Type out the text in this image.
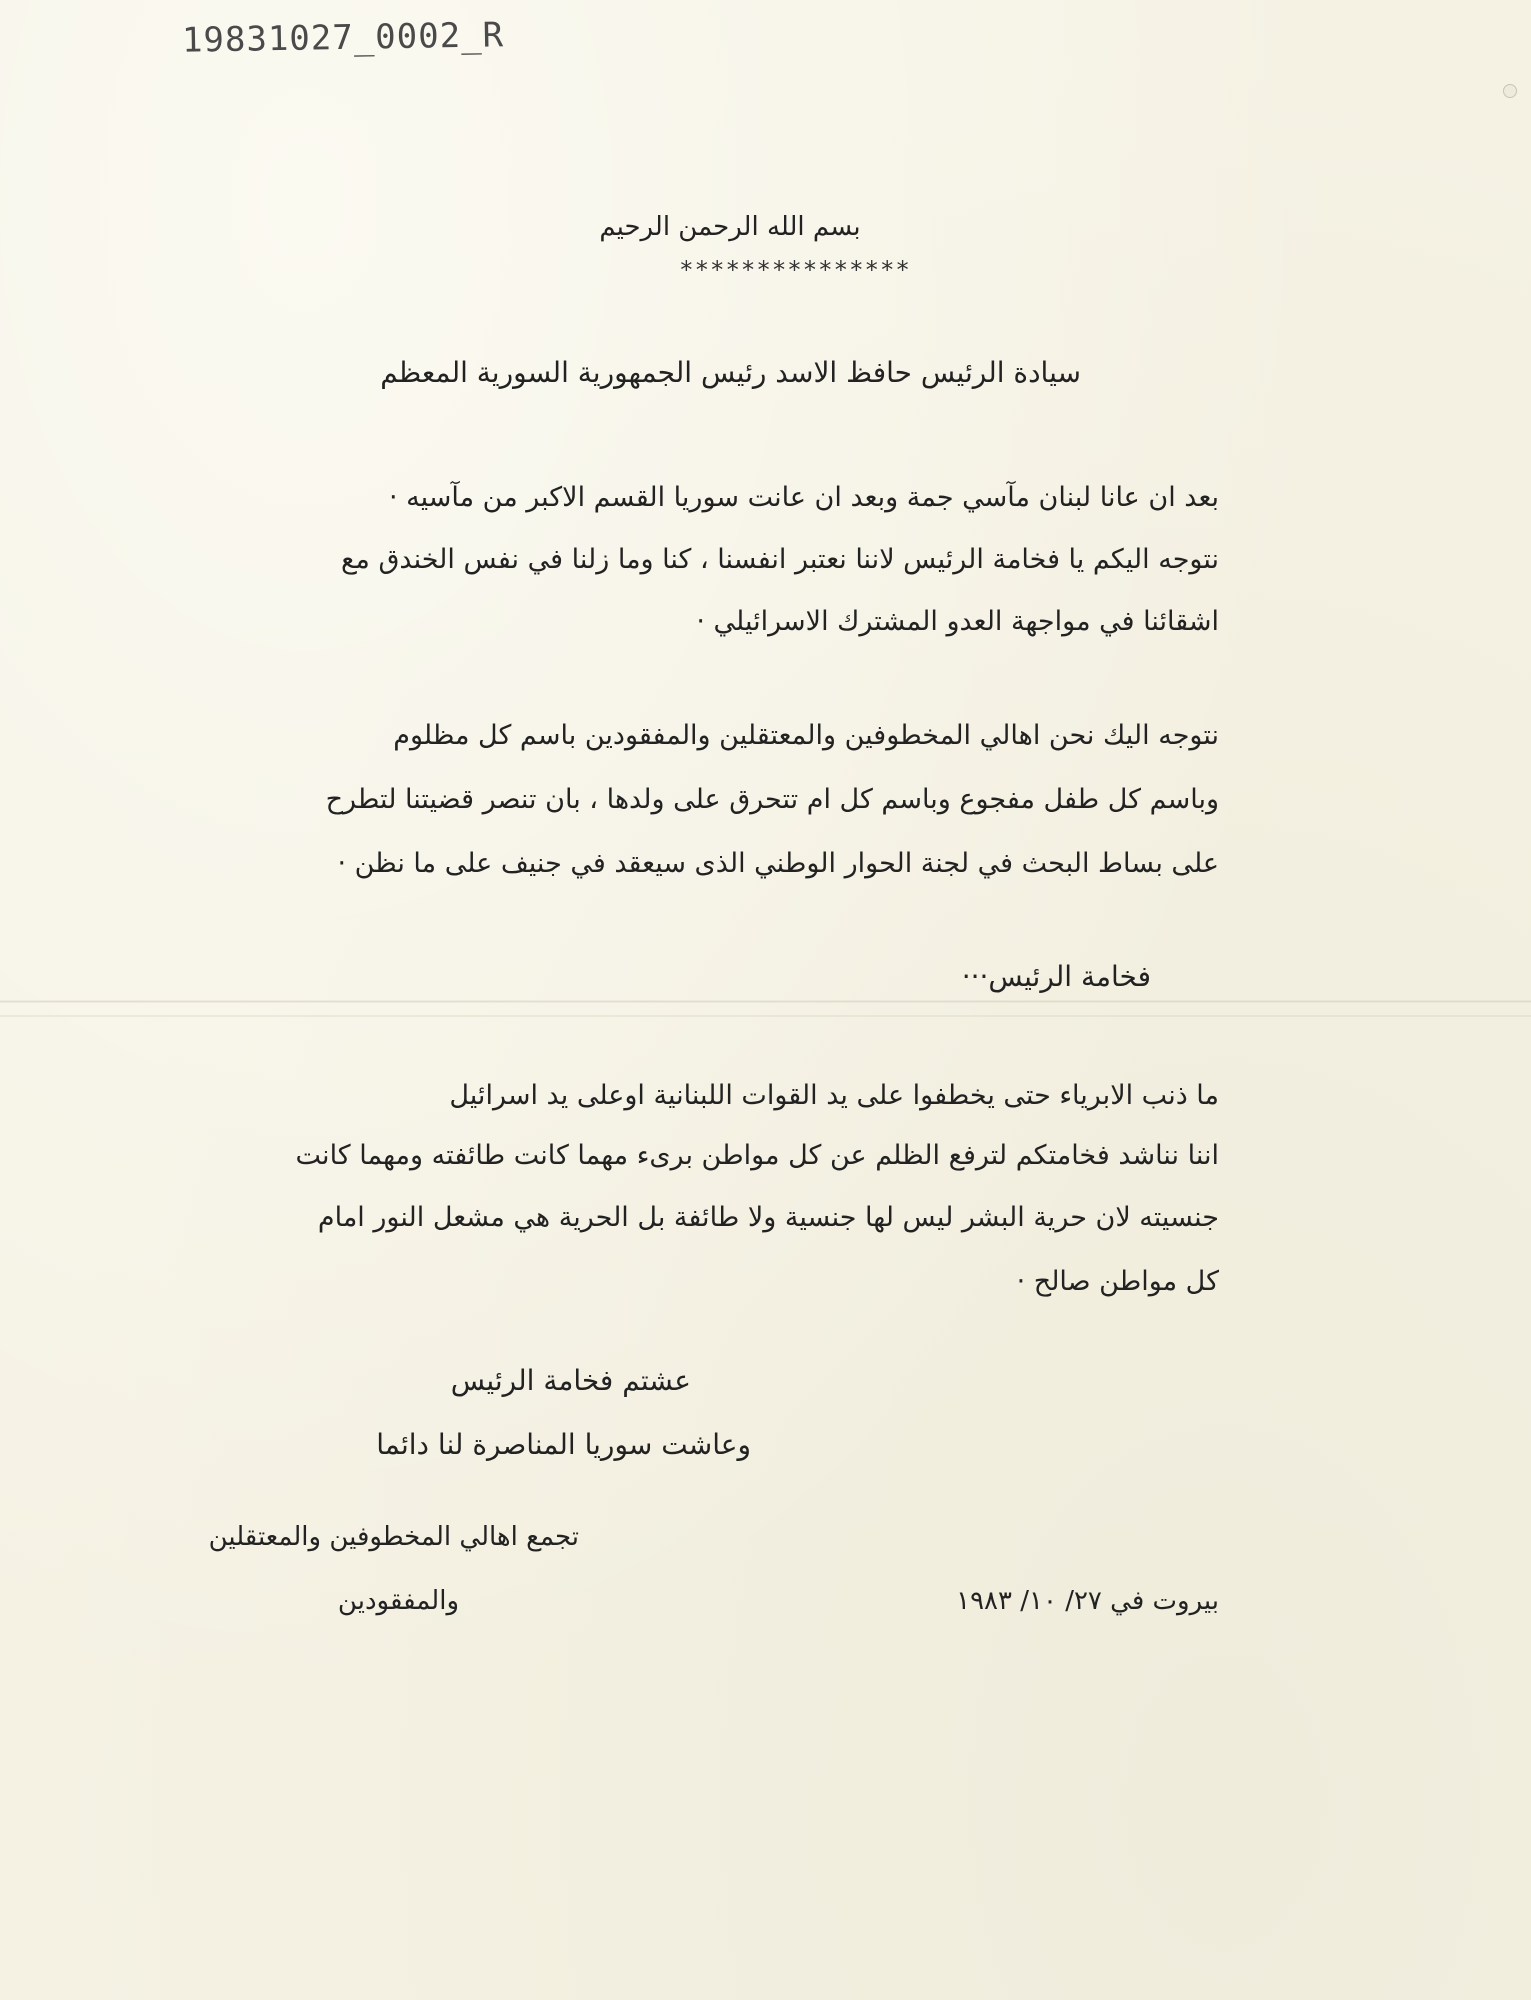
19831027_0002_R
بسم الله الرحمن الرحيم
***************
سيادة الرئيس حافظ الاسد رئيس الجمهورية السورية المعظم
بعد ان عانا لبنان مآسي جمة وبعد ان عانت سوريا القسم الاكبر من مآسيه ·
نتوجه اليكم يا فخامة الرئيس لاننا نعتبر انفسنا ، كنا وما زلنا في نفس الخندق مع
اشقائنا في مواجهة العدو المشترك الاسرائيلي ·
نتوجه اليك نحن اهالي المخطوفين والمعتقلين والمفقودين باسم كل مظلوم
وباسم كل طفل مفجوع وباسم كل ام تتحرق على ولدها ، بان تنصر قضيتنا لتطرح
على بساط البحث في لجنة الحوار الوطني الذى سيعقد في جنيف على ما نظن ·
فخامة الرئيس···
ما ذنب الابرياء حتى يخطفوا على يد القوات اللبنانية اوعلى يد اسرائيل
اننا نناشد فخامتكم لترفع الظلم عن كل مواطن برىء مهما كانت طائفته ومهما كانت
جنسيته لان حرية البشر ليس لها جنسية ولا طائفة بل الحرية هي مشعل النور امام
كل مواطن صالح ·
عشتم فخامة الرئيس
وعاشت سوريا المناصرة لنا دائما
تجمع اهالي المخطوفين والمعتقلين
والمفقودين	بيروت في ٢٧/ ١٠/ ١٩٨٣
